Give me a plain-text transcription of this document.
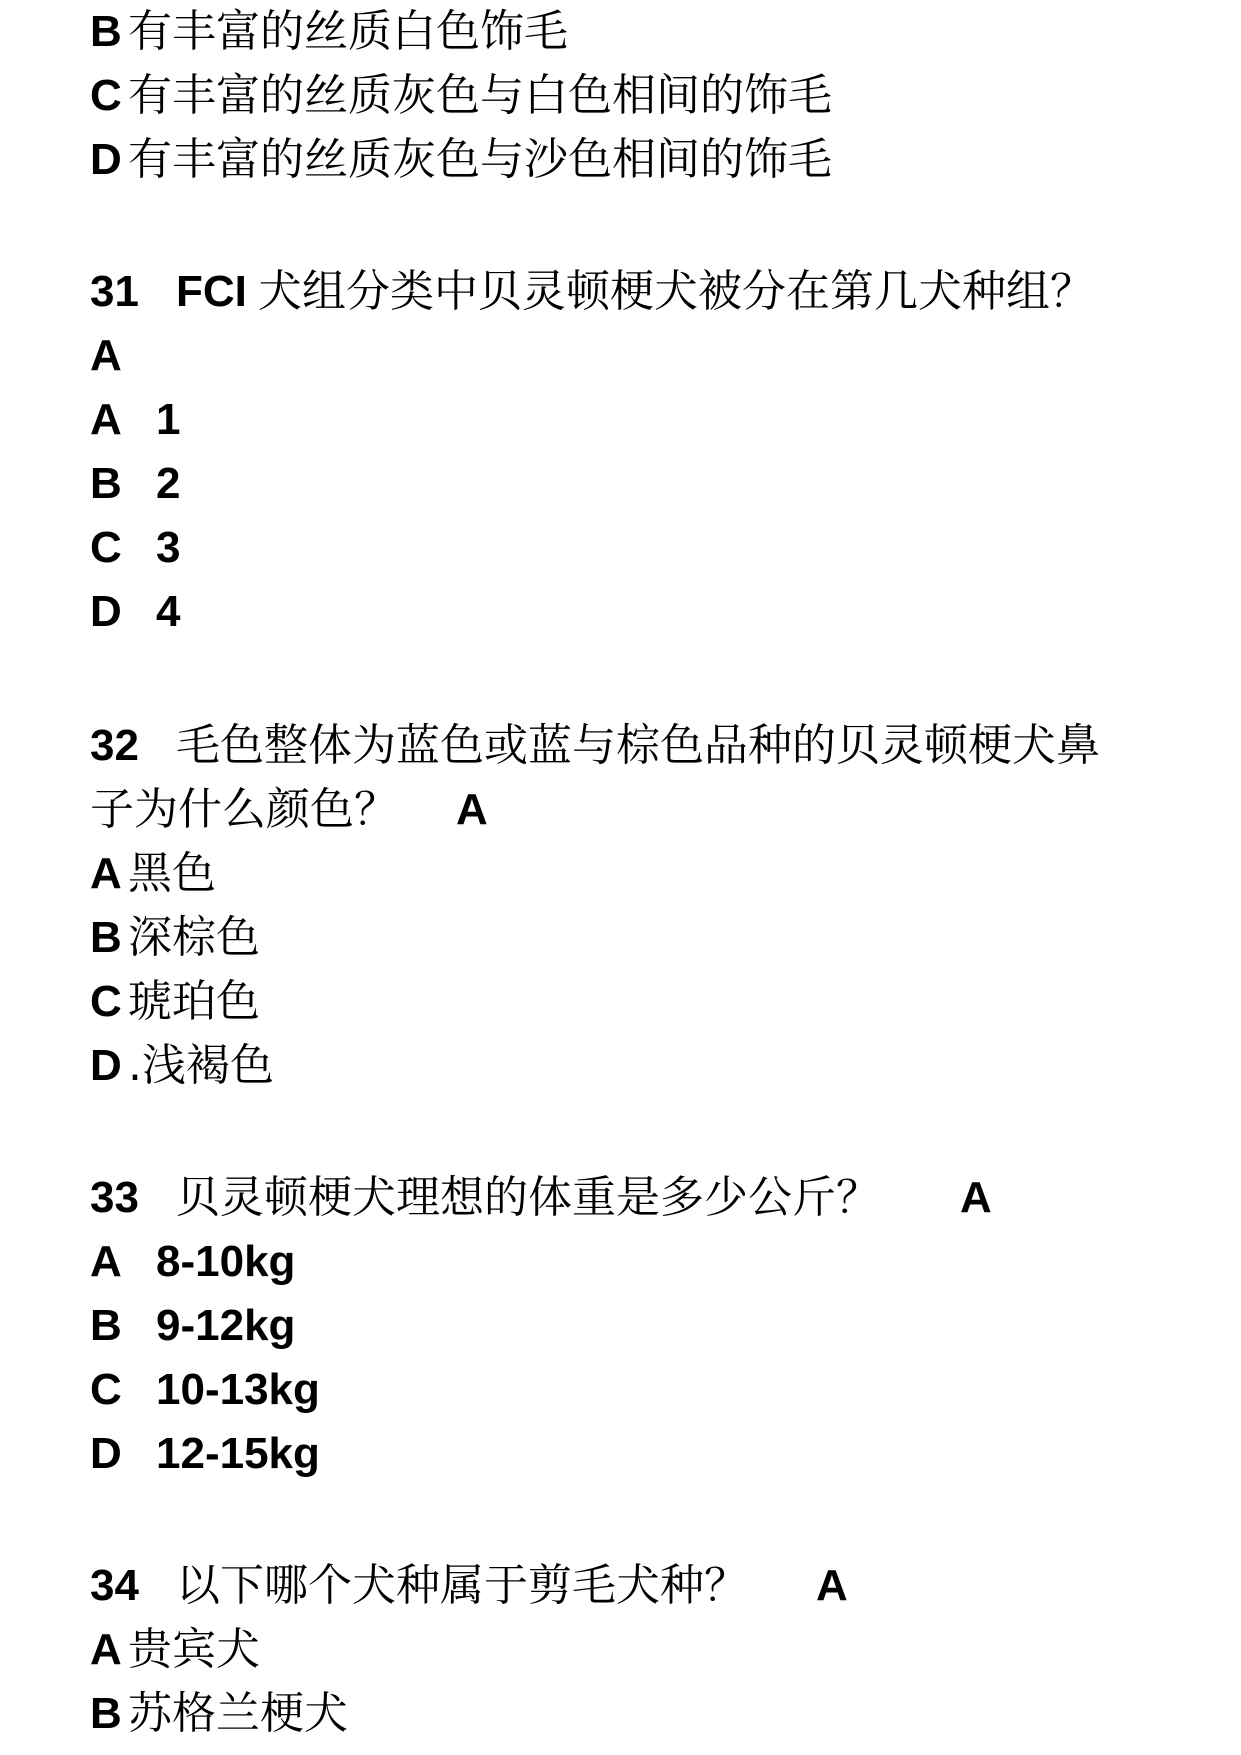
B 有丰富的丝质白色饰毛
C 有丰富的丝质灰色与白色相间的饰毛
D 有丰富的丝质灰色与沙色相间的饰毛
31 FCI 犬组分类中贝灵顿梗犬被分在第几犬种组？
A
A 1
B 2
C 3
D 4
32 毛色整体为蓝色或蓝与棕色品种的贝灵顿梗犬鼻
子为什么颜色？ A
A 黑色
B 深棕色
C 琥珀色
D .浅褐色
33 贝灵顿梗犬理想的体重是多少公斤？ A
A 8-10kg
B 9-12kg
C 10-13kg
D 12-15kg
34 以下哪个犬种属于剪毛犬种？ A
A 贵宾犬
B 苏格兰梗犬
